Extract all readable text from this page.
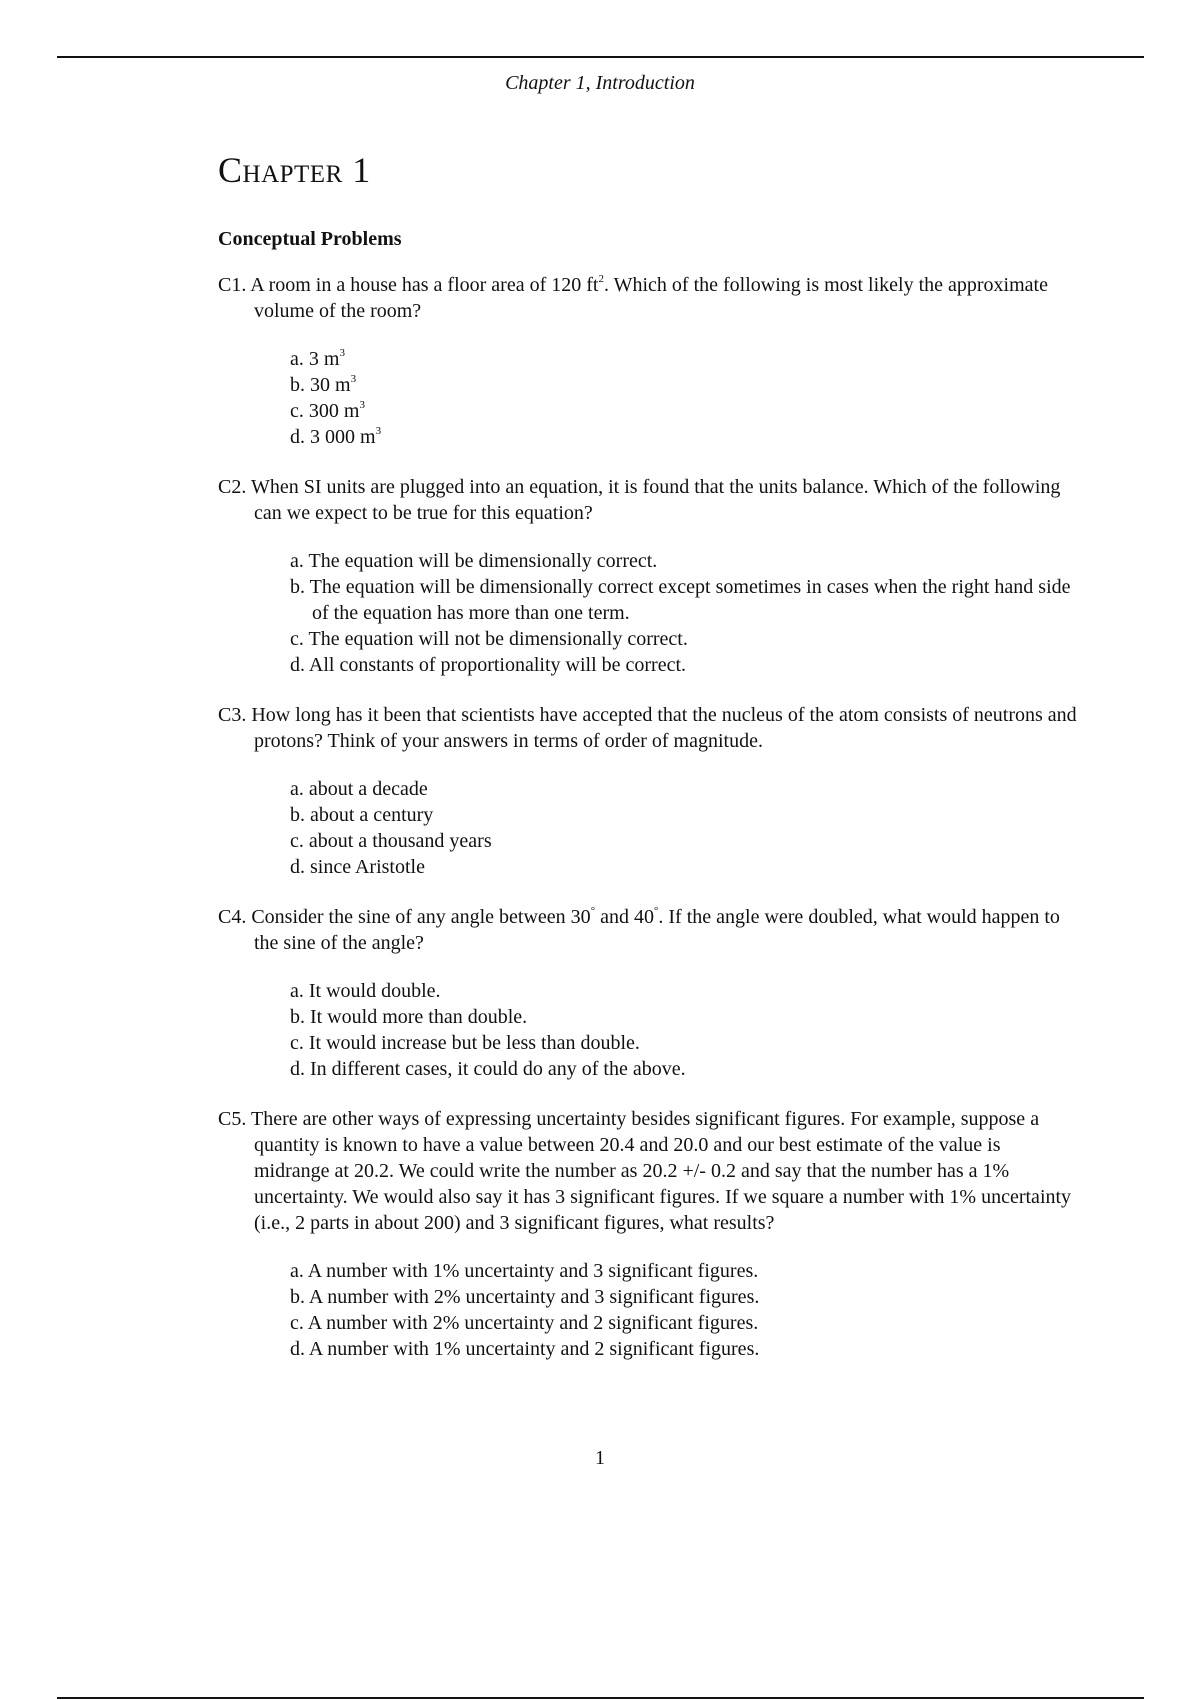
Chapter 1, Introduction
Chapter 1
Conceptual Problems

C1. A room in a house has a floor area of 120 $ft^2$. Which of the following is most likely the approximate volume of the room?

a. 3 $m^3$
b. 30 $m^3$
c. 300 $m^3$
d. 3 000 $m^3$

C2. When SI units are plugged into an equation, it is found that the units balance. Which of the following can we expect to be true for this equation?

a. The equation will be dimensionally correct.
b. The equation will be dimensionally correct except sometimes in cases when the right hand side of the equation has more than one term.
c. The equation will not be dimensionally correct.
d. All constants of proportionality will be correct.

C3. How long has it been that scientists have accepted that the nucleus of the atom consists of neutrons and protons? Think of your answers in terms of order of magnitude.

a. about a decade
b. about a century
c. about a thousand years
d. since Aristotle

C4. Consider the sine of any angle between 30° and 40°. If the angle were doubled, what would happen to the sine of the angle?

a. It would double.
b. It would more than double.
c. It would increase but be less than double.
d. In different cases, it could do any of the above.

C5. There are other ways of expressing uncertainty besides significant figures. For example, suppose a quantity is known to have a value between 20.4 and 20.0 and our best estimate of the value is midrange at 20.2. We could write the number as 20.2 +/- 0.2 and say that the number has a 1% uncertainty. We would also say it has 3 significant figures. If we square a number with 1% uncertainty (i.e., 2 parts in about 200) and 3 significant figures, what results?

a. A number with 1% uncertainty and 3 significant figures.
b. A number with 2% uncertainty and 3 significant figures.
c. A number with 2% uncertainty and 2 significant figures.
d. A number with 1% uncertainty and 2 significant figures.
1
